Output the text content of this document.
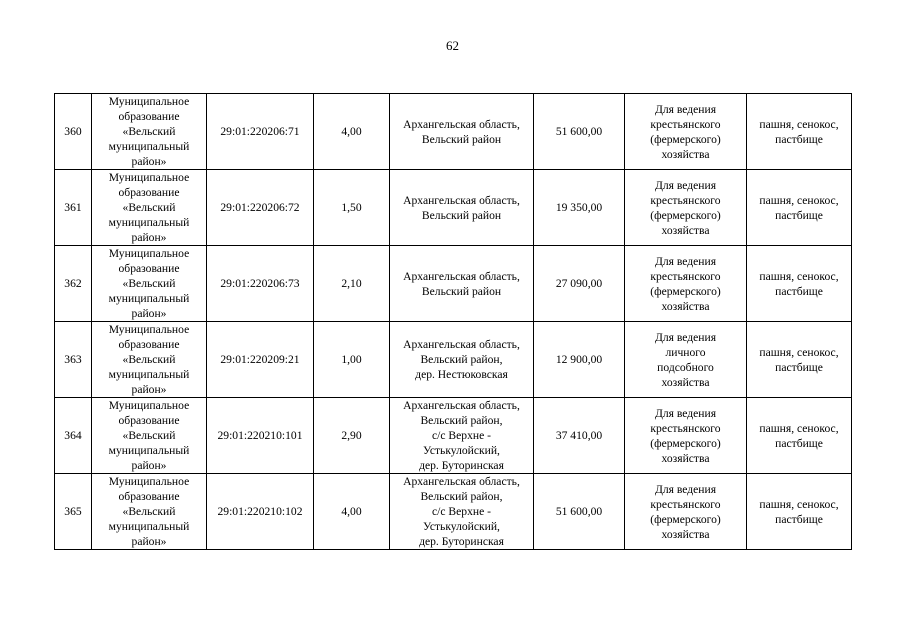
62
360	Муниципальное
образование
«Вельский
муниципальный
район»	29:01:220206:71	4,00	Архангельская область,
Вельский район	51 600,00	Для ведения
крестьянского
(фермерского)
хозяйства	пашня, сенокос,
пастбище
361	Муниципальное
образование
«Вельский
муниципальный
район»	29:01:220206:72	1,50	Архангельская область,
Вельский район	19 350,00	Для ведения
крестьянского
(фермерского)
хозяйства	пашня, сенокос,
пастбище
362	Муниципальное
образование
«Вельский
муниципальный
район»	29:01:220206:73	2,10	Архангельская область,
Вельский район	27 090,00	Для ведения
крестьянского
(фермерского)
хозяйства	пашня, сенокос,
пастбище
363	Муниципальное
образование
«Вельский
муниципальный
район»	29:01:220209:21	1,00	Архангельская область,
Вельский район,
дер. Нестюковская	12 900,00	Для ведения
личного
подсобного
хозяйства	пашня, сенокос,
пастбище
364	Муниципальное
образование
«Вельский
муниципальный
район»	29:01:220210:101	2,90	Архангельская область,
Вельский район,
с/с Верхне -
Устькулойский,
дер. Буторинская	37 410,00	Для ведения
крестьянского
(фермерского)
хозяйства	пашня, сенокос,
пастбище
365	Муниципальное
образование
«Вельский
муниципальный
район»	29:01:220210:102	4,00	Архангельская область,
Вельский район,
с/с Верхне -
Устькулойский,
дер. Буторинская	51 600,00	Для ведения
крестьянского
(фермерского)
хозяйства	пашня, сенокос,
пастбище
